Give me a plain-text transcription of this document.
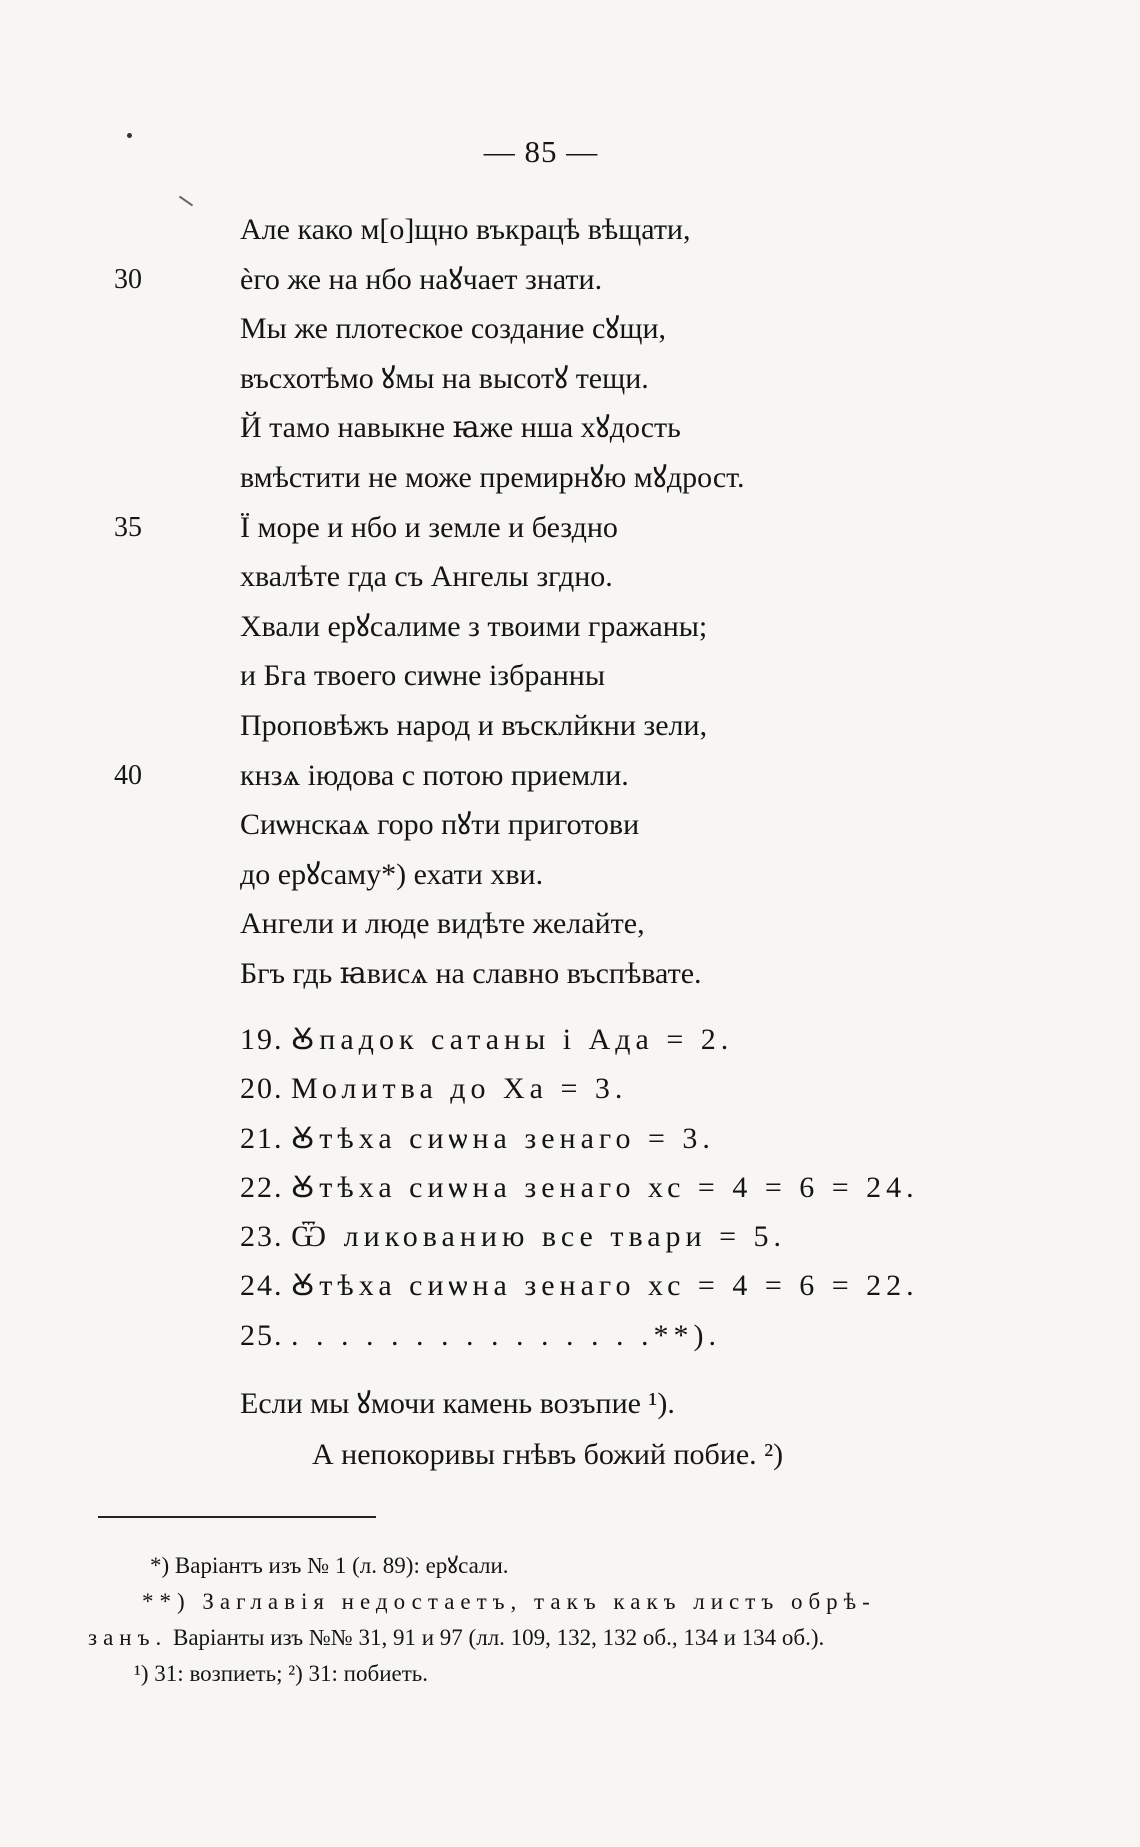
— 85 —
Але како м[о]щно въкрацѣ вѣщати,
30	ѐго же на нбо наꙋчает знати.
Мы же плотеское создание сꙋщи,
въсхотѣмо ꙋмы на высотꙋ тещи.
Й тамо навыкне ꙗже нша хꙋдость
вмѣстити не може премирнꙋю мꙋдрост.
35	Ї море и нбо и земле и бездно
хвалѣте гда съ Ангелы згдно.
Хвали ерꙋсалиме з твоими гражаны;
и Бга твоего сиѡне ізбранны
Проповѣжъ народ и въсклйкни зели,
40	кнзѧ іюдова с потою приемли.
Сиѡнскаѧ горо пꙋти приготови
до ерꙋсаму*) ехати хви.
Ангели и люде видѣте желайте,
Бгъ гдь ꙗвисѧ на славно въспѣвате.
19. Ꙋпадок сатаны і Ада = 2.
20. Молитва до Ха = 3.
21. Ꙋтѣха сиѡна зенаго = 3.
22. Ꙋтѣха сиѡна зенаго хс = 4 = 6 = 24.
23. Ѿ ликованию все твари = 5.
24. Ꙋтѣха сиѡна зенаго хс = 4 = 6 = 22.
25. . . . . . . . . . . . . . . .**).
Если мы ꙋмочи камень возъпие ¹).
А непокоривы гнѣвъ божий побие. ²)
*) Варіантъ изъ № 1 (л. 89): ерꙋсали.
**) Заглавія недостаетъ, такъ какъ листъ обрѣ-
занъ. Варіанты изъ №№ 31, 91 и 97 (лл. 109, 132, 132 об., 134 и 134 об.).
¹) 31: возпиеть; ²) 31: побиеть.
